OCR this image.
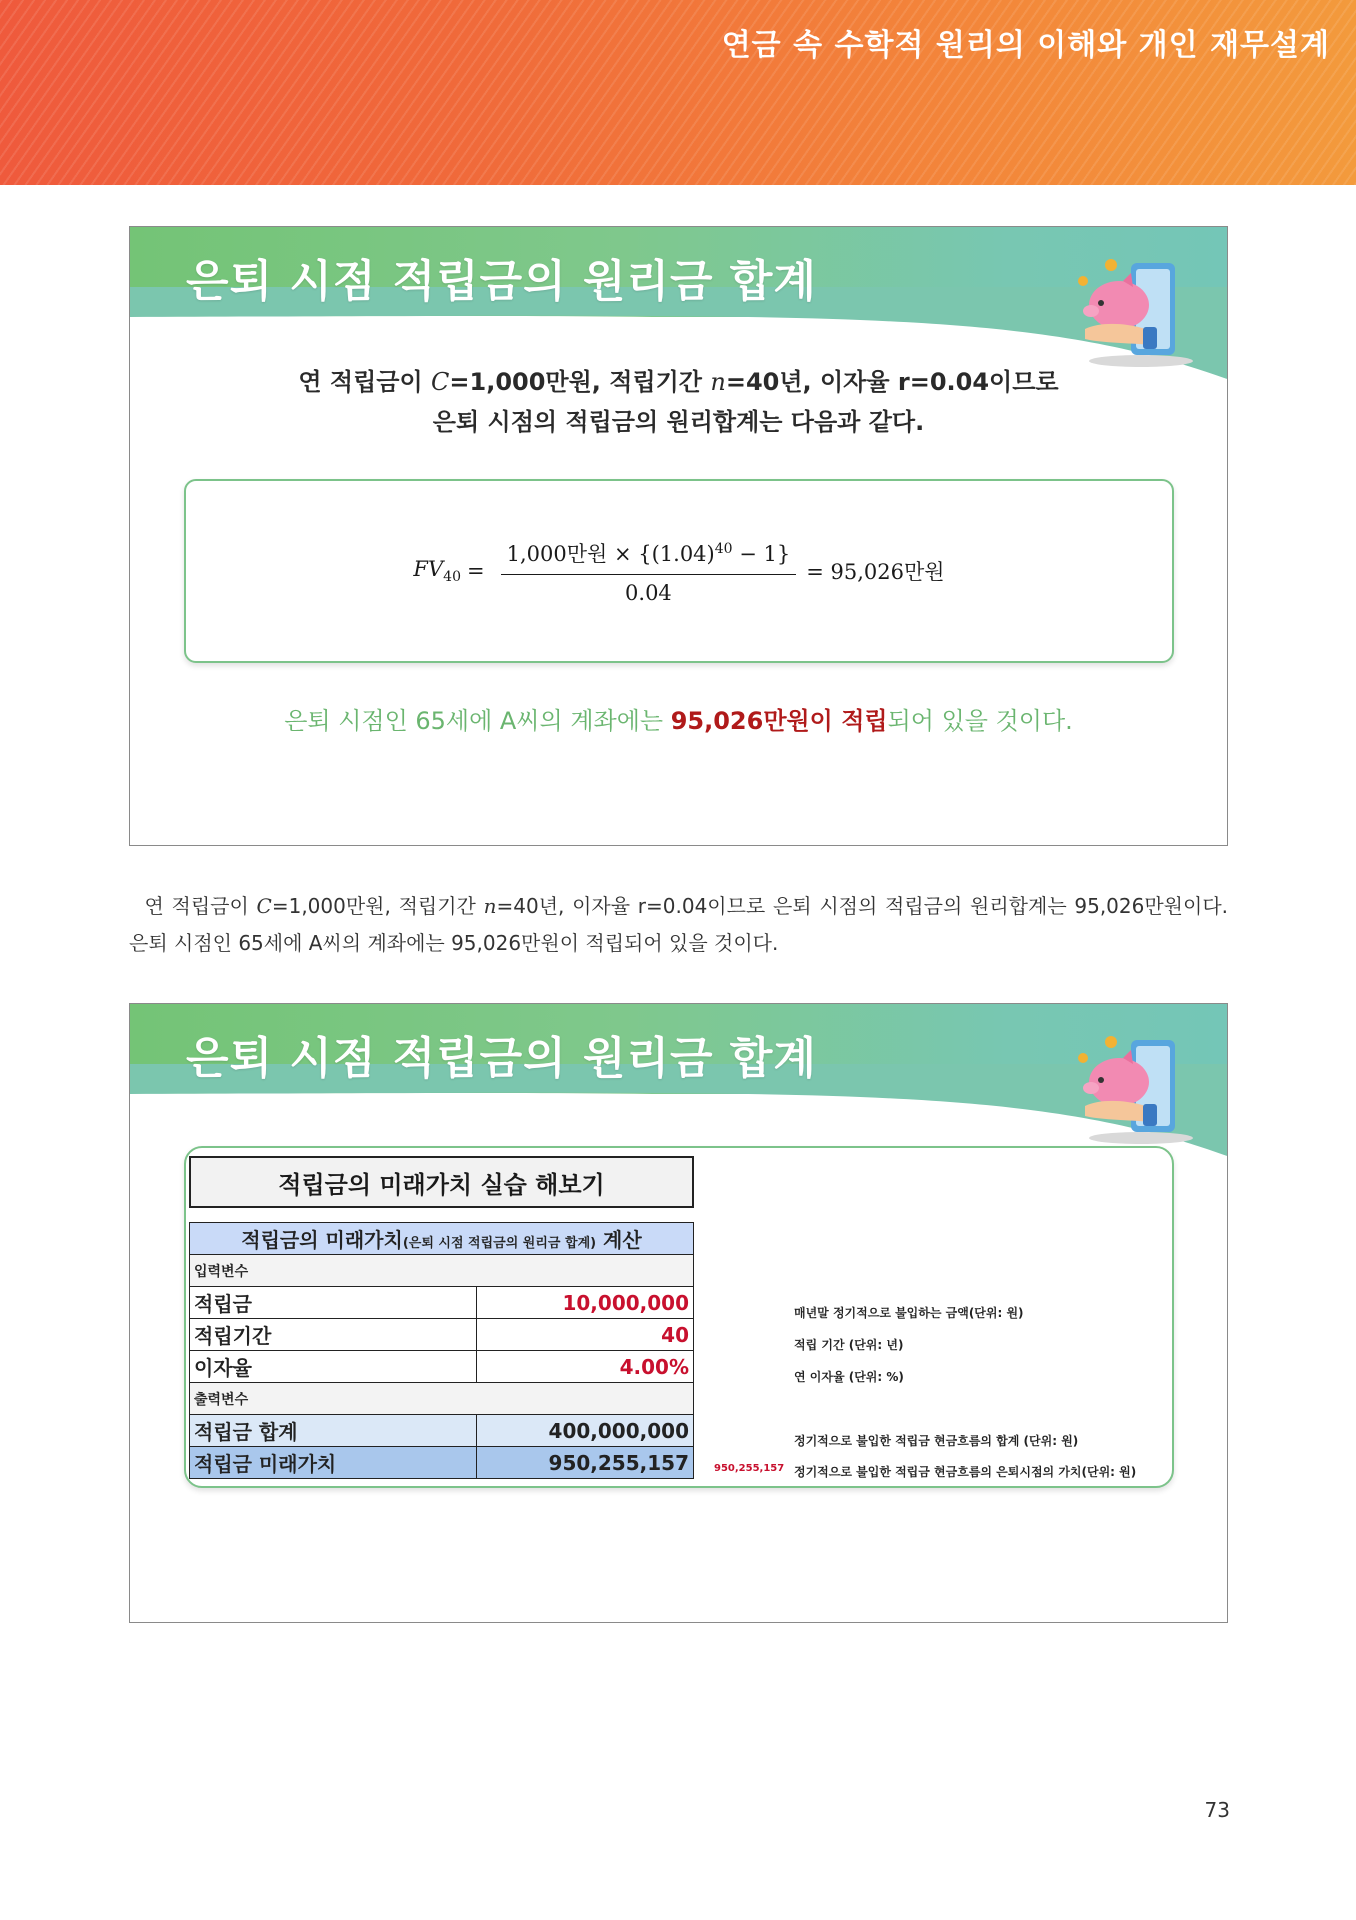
연금 속 수학적 원리의 이해와 개인 재무설계
은퇴 시점 적립금의 원리금 합계
연 적립금이 C=1,000만원, 적립기간 n=40년, 이자율 r=0.04이므로
은퇴 시점의 적립금의 원리합계는 다음과 같다.
$FV_{40} = \frac{1,000만원 \times \{(1.04)^{40} - 1\}}{0.04} = 95,026$만원
은퇴 시점인 65세에 A씨의 계좌에는 95,026만원이 적립되어 있을 것이다.
연 적립금이 C=1,000만원, 적립기간 n=40년, 이자율 r=0.04이므로 은퇴 시점의 적립금의 원리합계는 95,026만원이다. 은퇴 시점인 65세에 A씨의 계좌에는 95,026만원이 적립되어 있을 것이다.
은퇴 시점 적립금의 원리금 합계
적립금의 미래가치 실습 해보기
적립금의 미래가치(은퇴 시점 적립금의 원리금 합계) 계산	
입력변수	
적립금	10,000,000
적립기간	40
이자율	4.00%
출력변수	
적립금 합계	400,000,000
적립금 미래가치	950,255,157
매년말 정기적으로 불입하는 금액(단위: 원)
적립 기간 (단위: 년)
연 이자율 (단위: %)
정기적으로 불입한 적립금 현금흐름의 합계 (단위: 원)
정기적으로 불입한 적립금 현금흐름의 은퇴시점의 가치(단위: 원)
950,255,157
73
